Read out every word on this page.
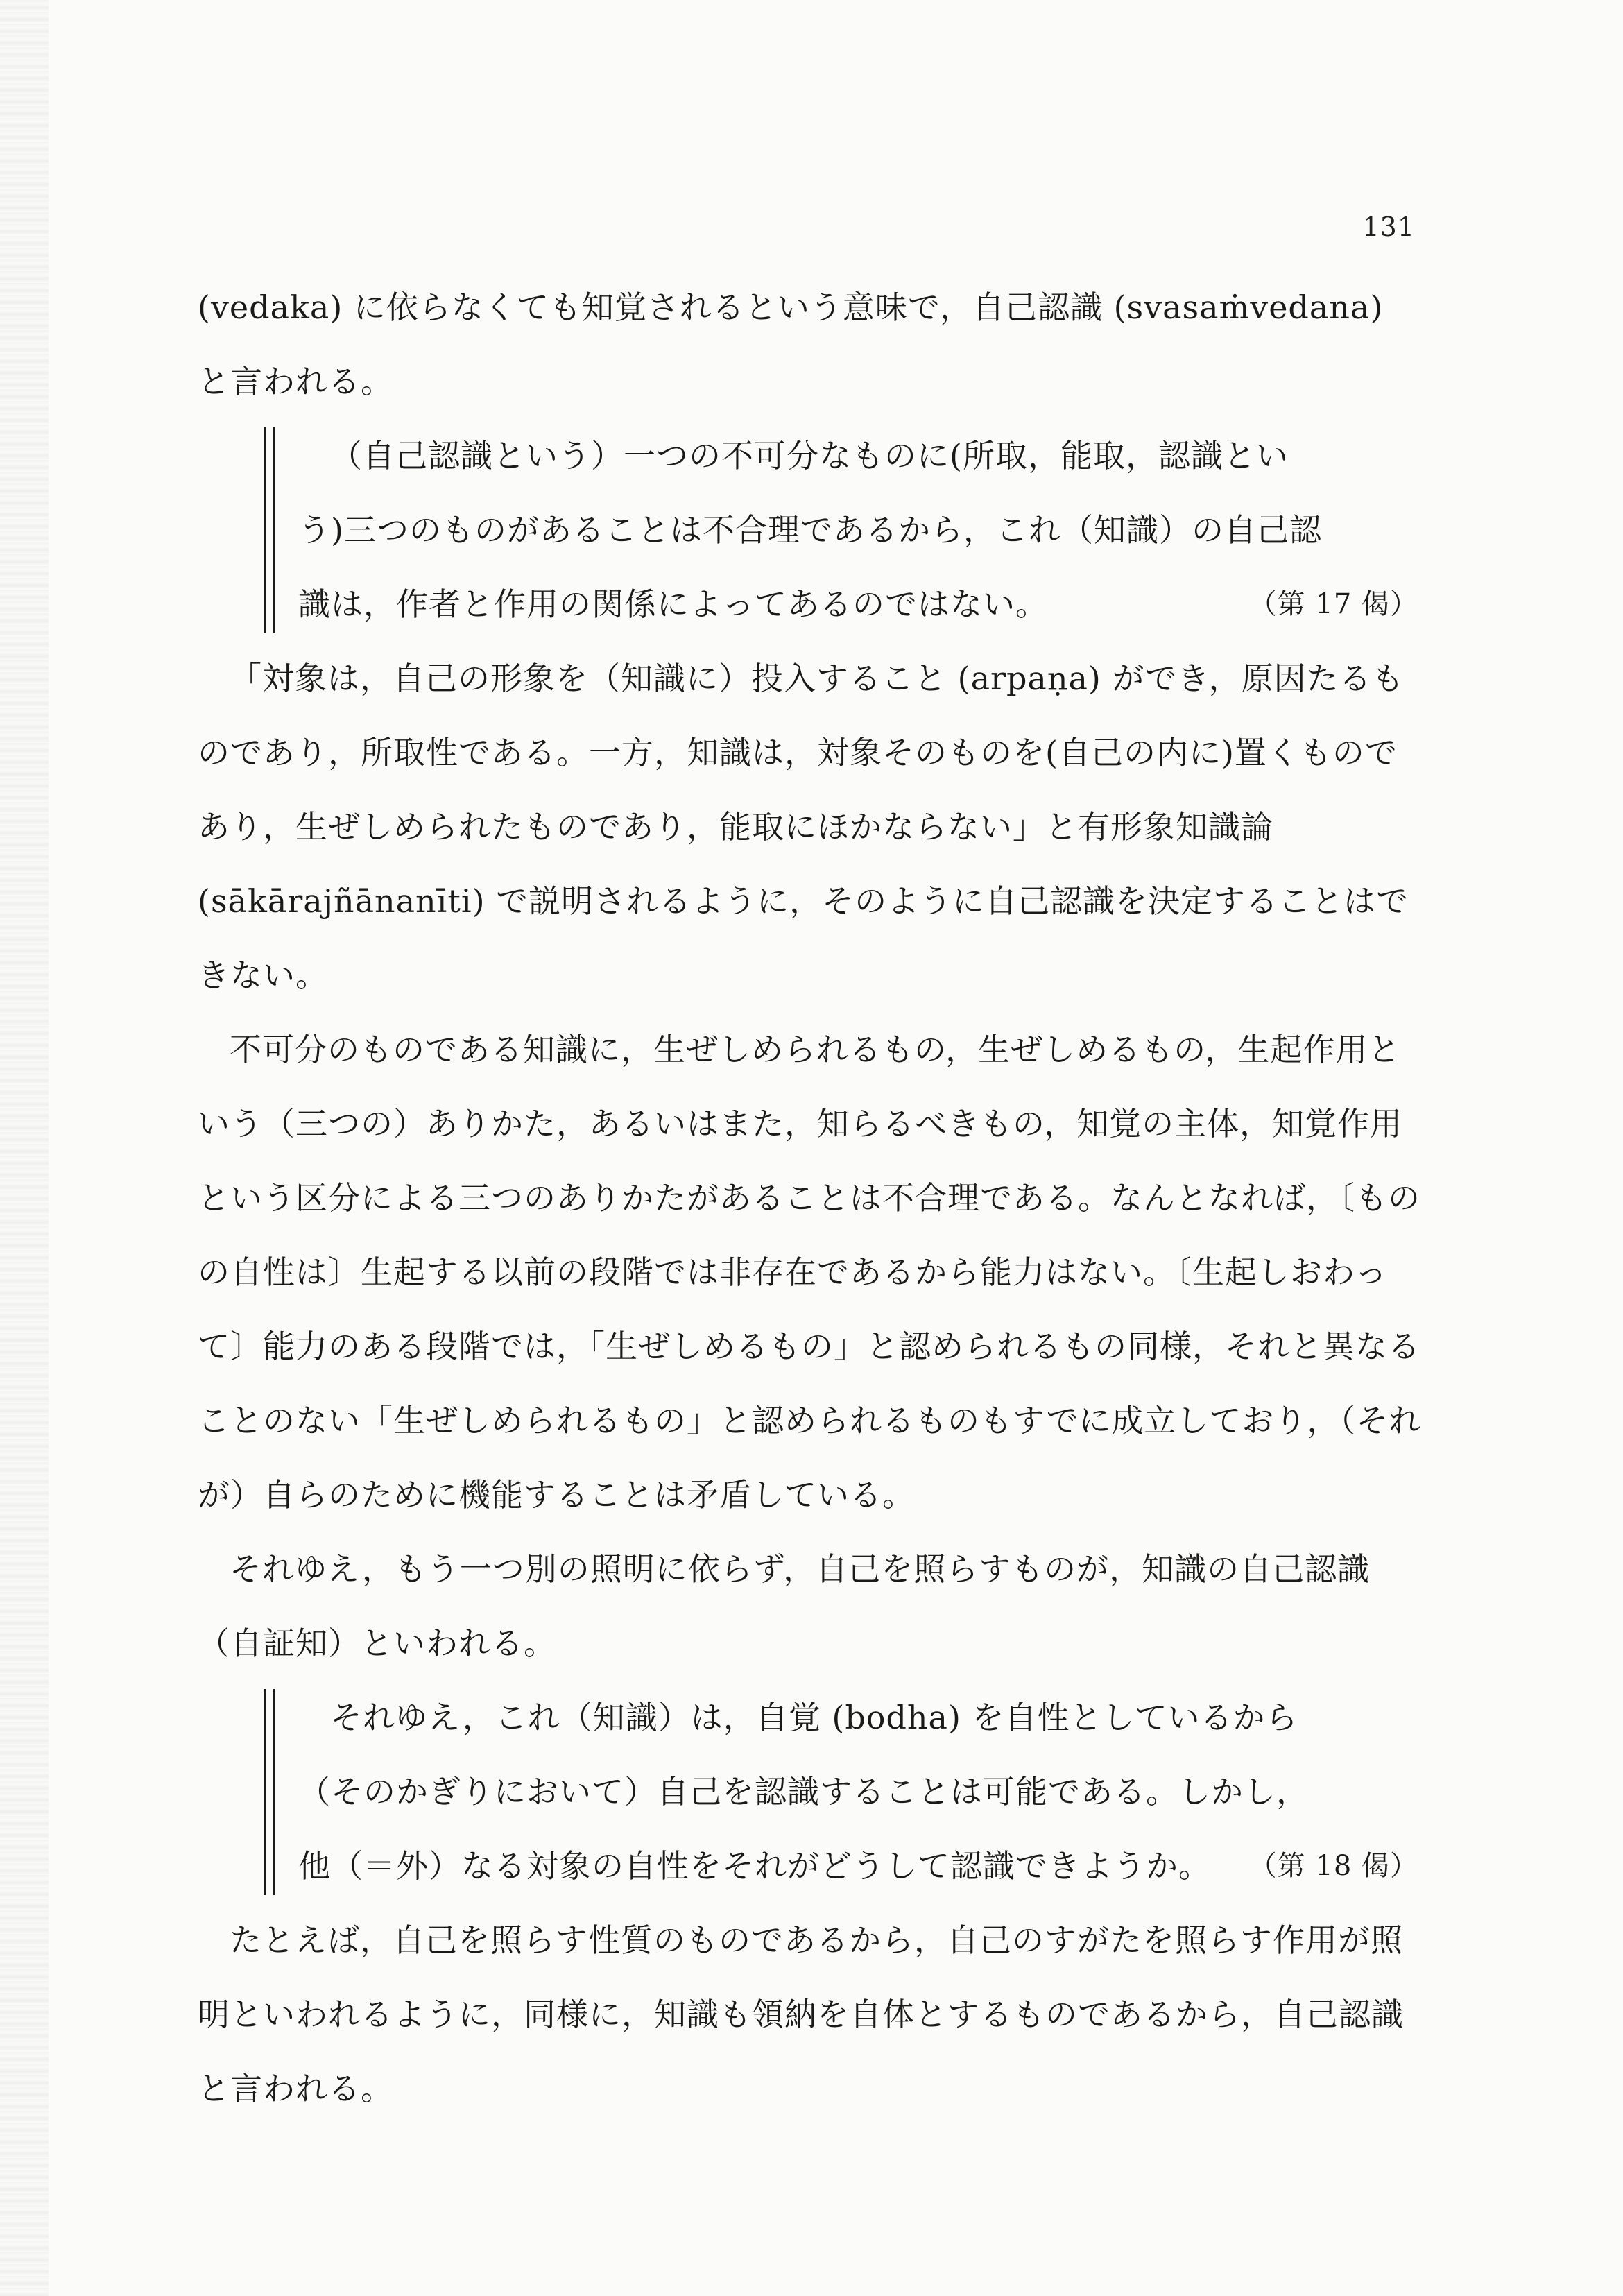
131

(vedaka) に依らなくても知覚されるという意味で，自己認識 (svasaṁvedana) と言われる。

（自己認識という）一つの不可分なものに(所取，能取，認識という)三つのものがあることは不合理であるから，これ（知識）の自己認識は，作者と作用の関係によってあるのではない。	（第 17 偈）

「対象は，自己の形象を（知識に）投入すること (arpaṇa) ができ，原因たるものであり，所取性である。一方，知識は，対象そのものを(自己の内に)置くものであり，生ぜしめられたものであり，能取にほかならない」と有形象知識論 (sākārajñānanīti) で説明されるように，そのように自己認識を決定することはできない。

不可分のものである知識に，生ぜしめられるもの，生ぜしめるもの，生起作用という（三つの）ありかた，あるいはまた，知らるべきもの，知覚の主体，知覚作用という区分による三つのありかたがあることは不合理である。なんとなれば，〔ものの自性は〕生起する以前の段階では非存在であるから能力はない。〔生起しおわって〕能力のある段階では，「生ぜしめるもの」と認められるもの同様，それと異なることのない「生ぜしめられるもの」と認められるものもすでに成立しており，（それが）自らのために機能することは矛盾している。

それゆえ，もう一つ別の照明に依らず，自己を照らすものが，知識の自己認識（自証知）といわれる。

それゆえ，これ（知識）は，自覚 (bodha) を自性としているから（そのかぎりにおいて）自己を認識することは可能である。しかし，他（＝外）なる対象の自性をそれがどうして認識できようか。	（第 18 偈）

たとえば，自己を照らす性質のものであるから，自己のすがたを照らす作用が照明といわれるように，同様に，知識も領納を自体とするものであるから，自己認識と言われる。
